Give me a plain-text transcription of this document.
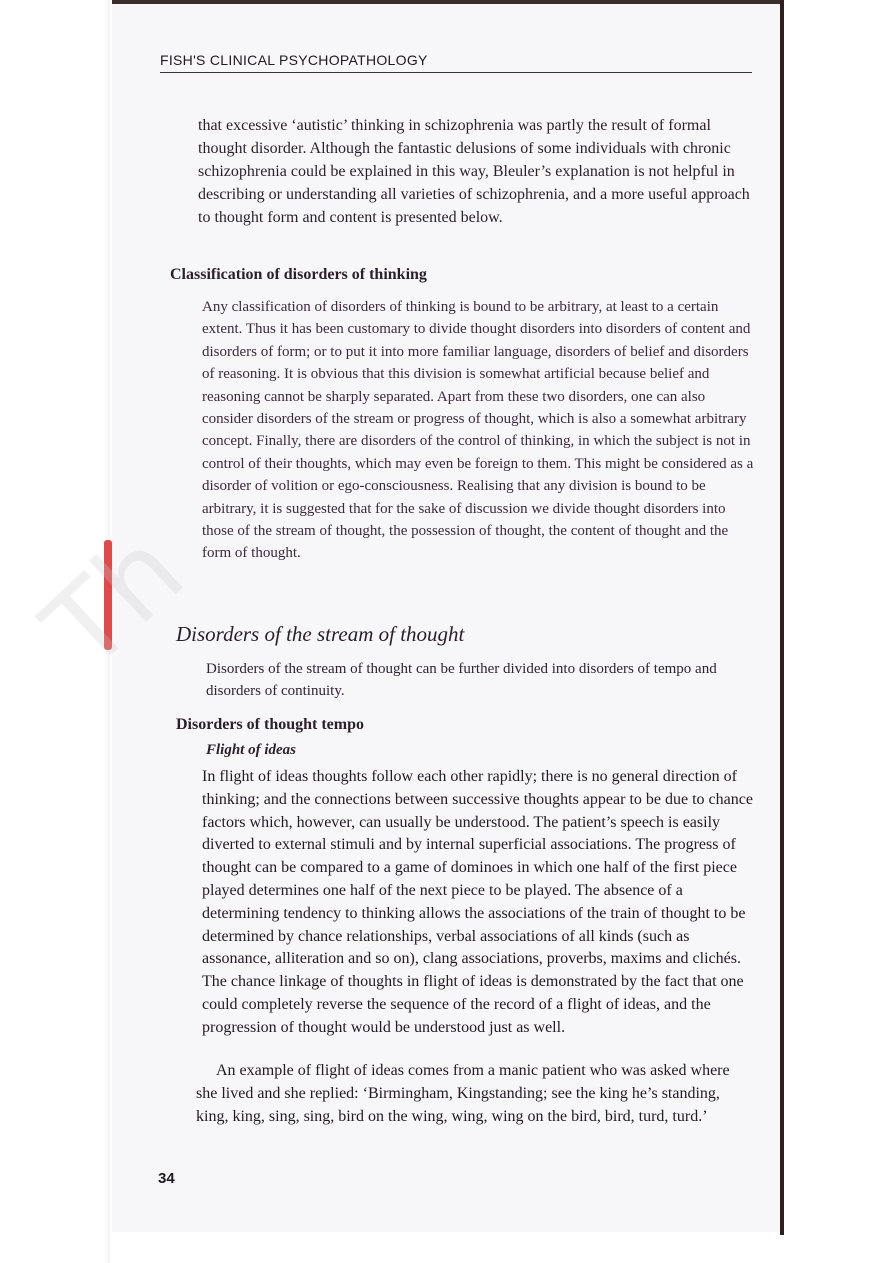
FISH'S CLINICAL PSYCHOPATHOLOGY
that excessive ‘autistic’ thinking in schizophrenia was partly the result of formal thought disorder. Although the fantastic delusions of some individuals with chronic schizophrenia could be explained in this way, Bleuler’s explanation is not helpful in describing or understanding all varieties of schizophrenia, and a more useful approach to thought form and content is presented below.
Classification of disorders of thinking
Any classification of disorders of thinking is bound to be arbitrary, at least to a certain extent. Thus it has been customary to divide thought disorders into disorders of content and disorders of form; or to put it into more familiar language, disorders of belief and disorders of reasoning. It is obvious that this division is somewhat artificial because belief and reasoning cannot be sharply separated. Apart from these two disorders, one can also consider disorders of the stream or progress of thought, which is also a somewhat arbitrary concept. Finally, there are disorders of the control of thinking, in which the subject is not in control of their thoughts, which may even be foreign to them. This might be considered as a disorder of volition or ego-consciousness. Realising that any division is bound to be arbitrary, it is suggested that for the sake of discussion we divide thought disorders into those of the stream of thought, the possession of thought, the content of thought and the form of thought.
Disorders of the stream of thought
Disorders of the stream of thought can be further divided into disorders of tempo and disorders of continuity.
Disorders of thought tempo
Flight of ideas
In flight of ideas thoughts follow each other rapidly; there is no general direction of thinking; and the connections between successive thoughts appear to be due to chance factors which, however, can usually be understood. The patient’s speech is easily diverted to external stimuli and by internal superficial associations. The progress of thought can be compared to a game of dominoes in which one half of the first piece played determines one half of the next piece to be played. The absence of a determining tendency to thinking allows the associations of the train of thought to be determined by chance relationships, verbal associations of all kinds (such as assonance, alliteration and so on), clang associations, proverbs, maxims and clichés. The chance linkage of thoughts in flight of ideas is demonstrated by the fact that one could completely reverse the sequence of the record of a flight of ideas, and the progression of thought would be understood just as well.
An example of flight of ideas comes from a manic patient who was asked where she lived and she replied: ‘Birmingham, Kingstanding; see the king he’s standing, king, king, sing, sing, bird on the wing, wing, wing on the bird, bird, turd, turd.’
34
Th
